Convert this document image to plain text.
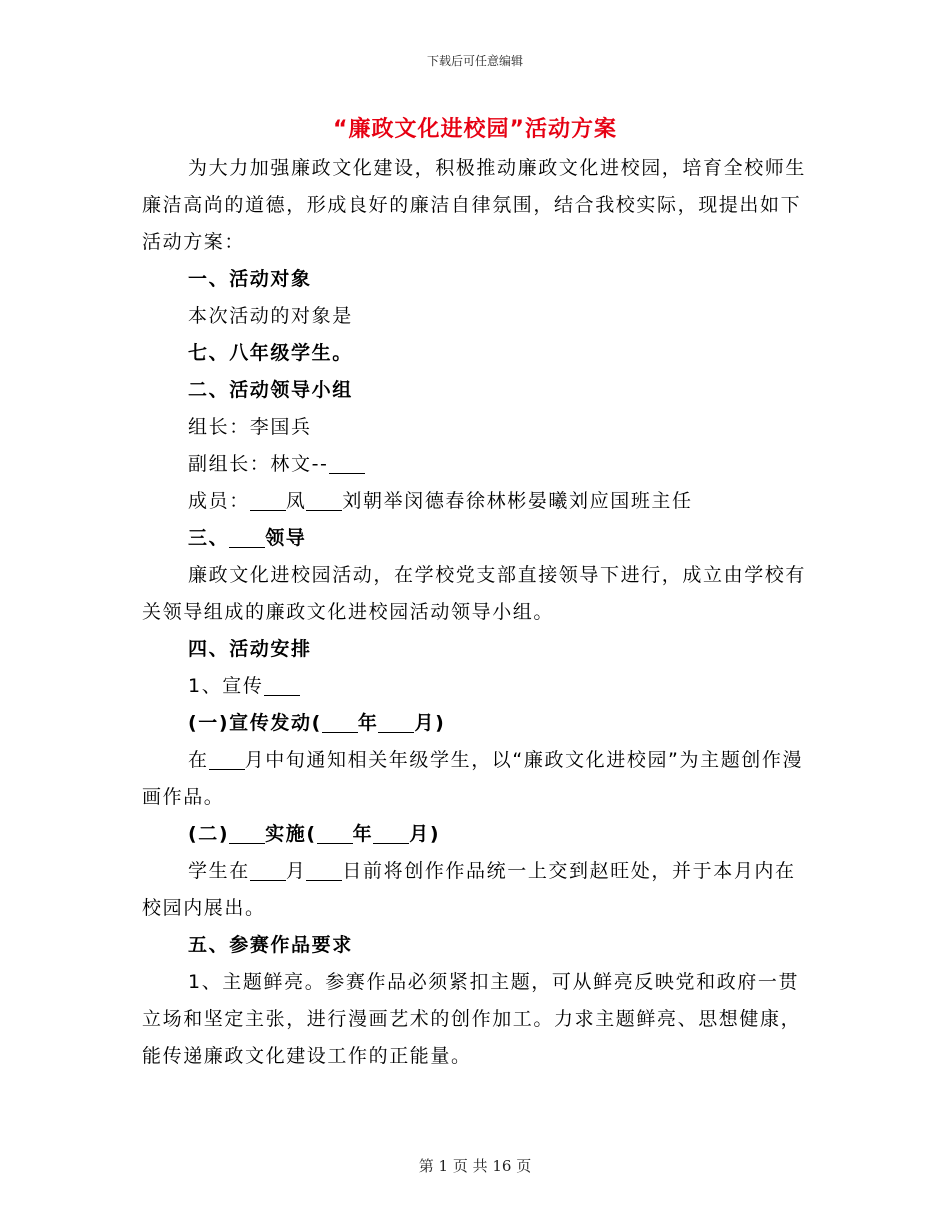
下载后可任意编辑
“廉政文化进校园”活动方案

为大力加强廉政文化建设，积极推动廉政文化进校园，培育全校师生廉洁高尚的道德，形成良好的廉洁自律氛围，结合我校实际，现提出如下活动方案：

一、活动对象

本次活动的对象是

七、八年级学生。

二、活动领导小组

组长：李国兵

副组长：林文--

成员： 凤 刘朝举闵德春徐林彬晏曦刘应国班主任

三、 领导

廉政文化进校园活动，在学校党支部直接领导下进行，成立由学校有关领导组成的廉政文化进校园活动领导小组。

四、活动安排

1、宣传

(一)宣传发动( 年 月)

在 月中旬通知相关年级学生，以“廉政文化进校园”为主题创作漫画作品。

(二) 实施( 年 月)

学生在 月 日前将创作作品统一上交到赵旺处，并于本月内在校园内展出。

五、参赛作品要求

1、主题鲜亮。参赛作品必须紧扣主题，可从鲜亮反映党和政府一贯立场和坚定主张，进行漫画艺术的创作加工。力求主题鲜亮、思想健康，能传递廉政文化建设工作的正能量。

第 1 页 共 16 页
